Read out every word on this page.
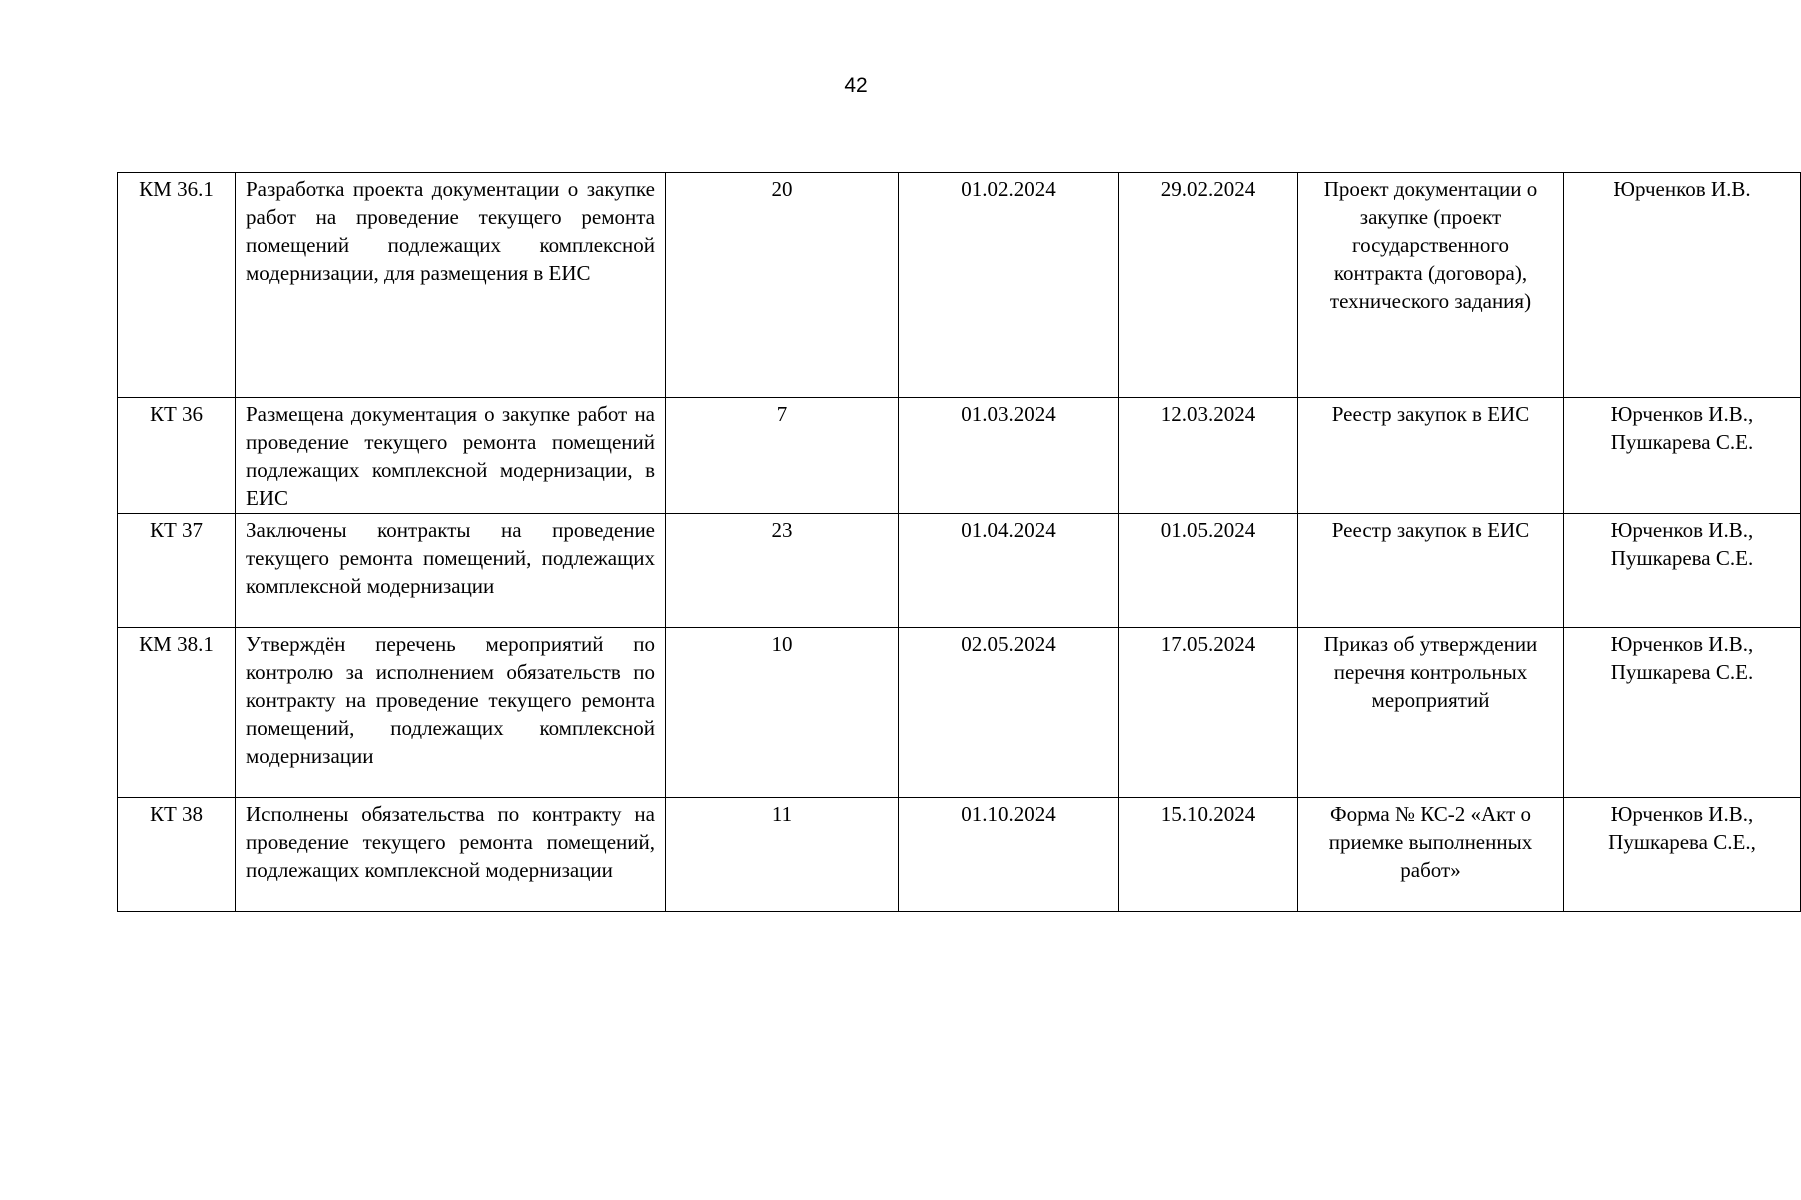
42
КМ 36.1	Разработка проекта документации о закупке работ на проведение текущего ремонта помещений подлежащих комплексной модернизации, для размещения в ЕИС	20	01.02.2024	29.02.2024	Проект документации о закупке (проект государственного контракта (договора), технического задания)	Юрченков И.В.
КТ 36	Размещена документация о закупке работ на проведение текущего ремонта помещений подлежащих комплексной модернизации, в ЕИС	7	01.03.2024	12.03.2024	Реестр закупок в ЕИС	Юрченков И.В., Пушкарева С.Е.
КТ 37	Заключены контракты на проведение текущего ремонта помещений, подлежащих комплексной модернизации	23	01.04.2024	01.05.2024	Реестр закупок в ЕИС	Юрченков И.В., Пушкарева С.Е.
КМ 38.1	Утверждён перечень мероприятий по контролю за исполнением обязательств по контракту на проведение текущего ремонта помещений, подлежащих комплексной модернизации	10	02.05.2024	17.05.2024	Приказ об утверждении перечня контрольных мероприятий	Юрченков И.В., Пушкарева С.Е.
КТ 38	Исполнены обязательства по контракту на проведение текущего ремонта помещений, подлежащих комплексной модернизации	11	01.10.2024	15.10.2024	Форма № КС-2 «Акт о приемке выполненных работ»	Юрченков И.В., Пушкарева С.Е.,
